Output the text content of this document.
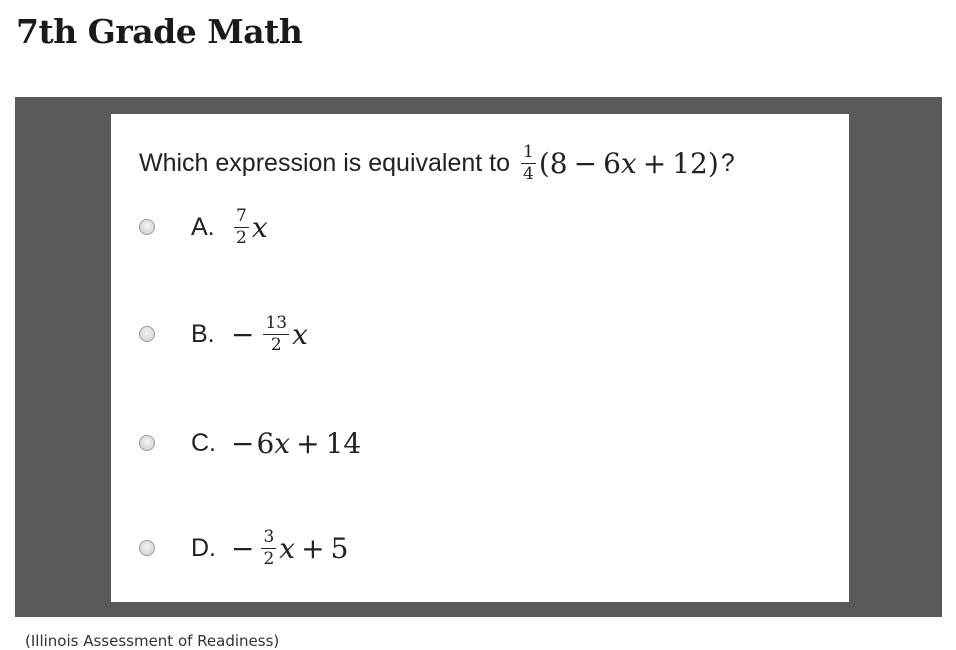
7th Grade Math
Which expression is equivalent to $\frac{1}{4}$ ( 8 − 6 x + 12 ) ?
A. $\frac{7}{2}$ x
B. − $\frac{13}{2}$ x
C. − 6 x + 14
D. − $\frac{3}{2}$ x + 5
(Illinois Assessment of Readiness)
